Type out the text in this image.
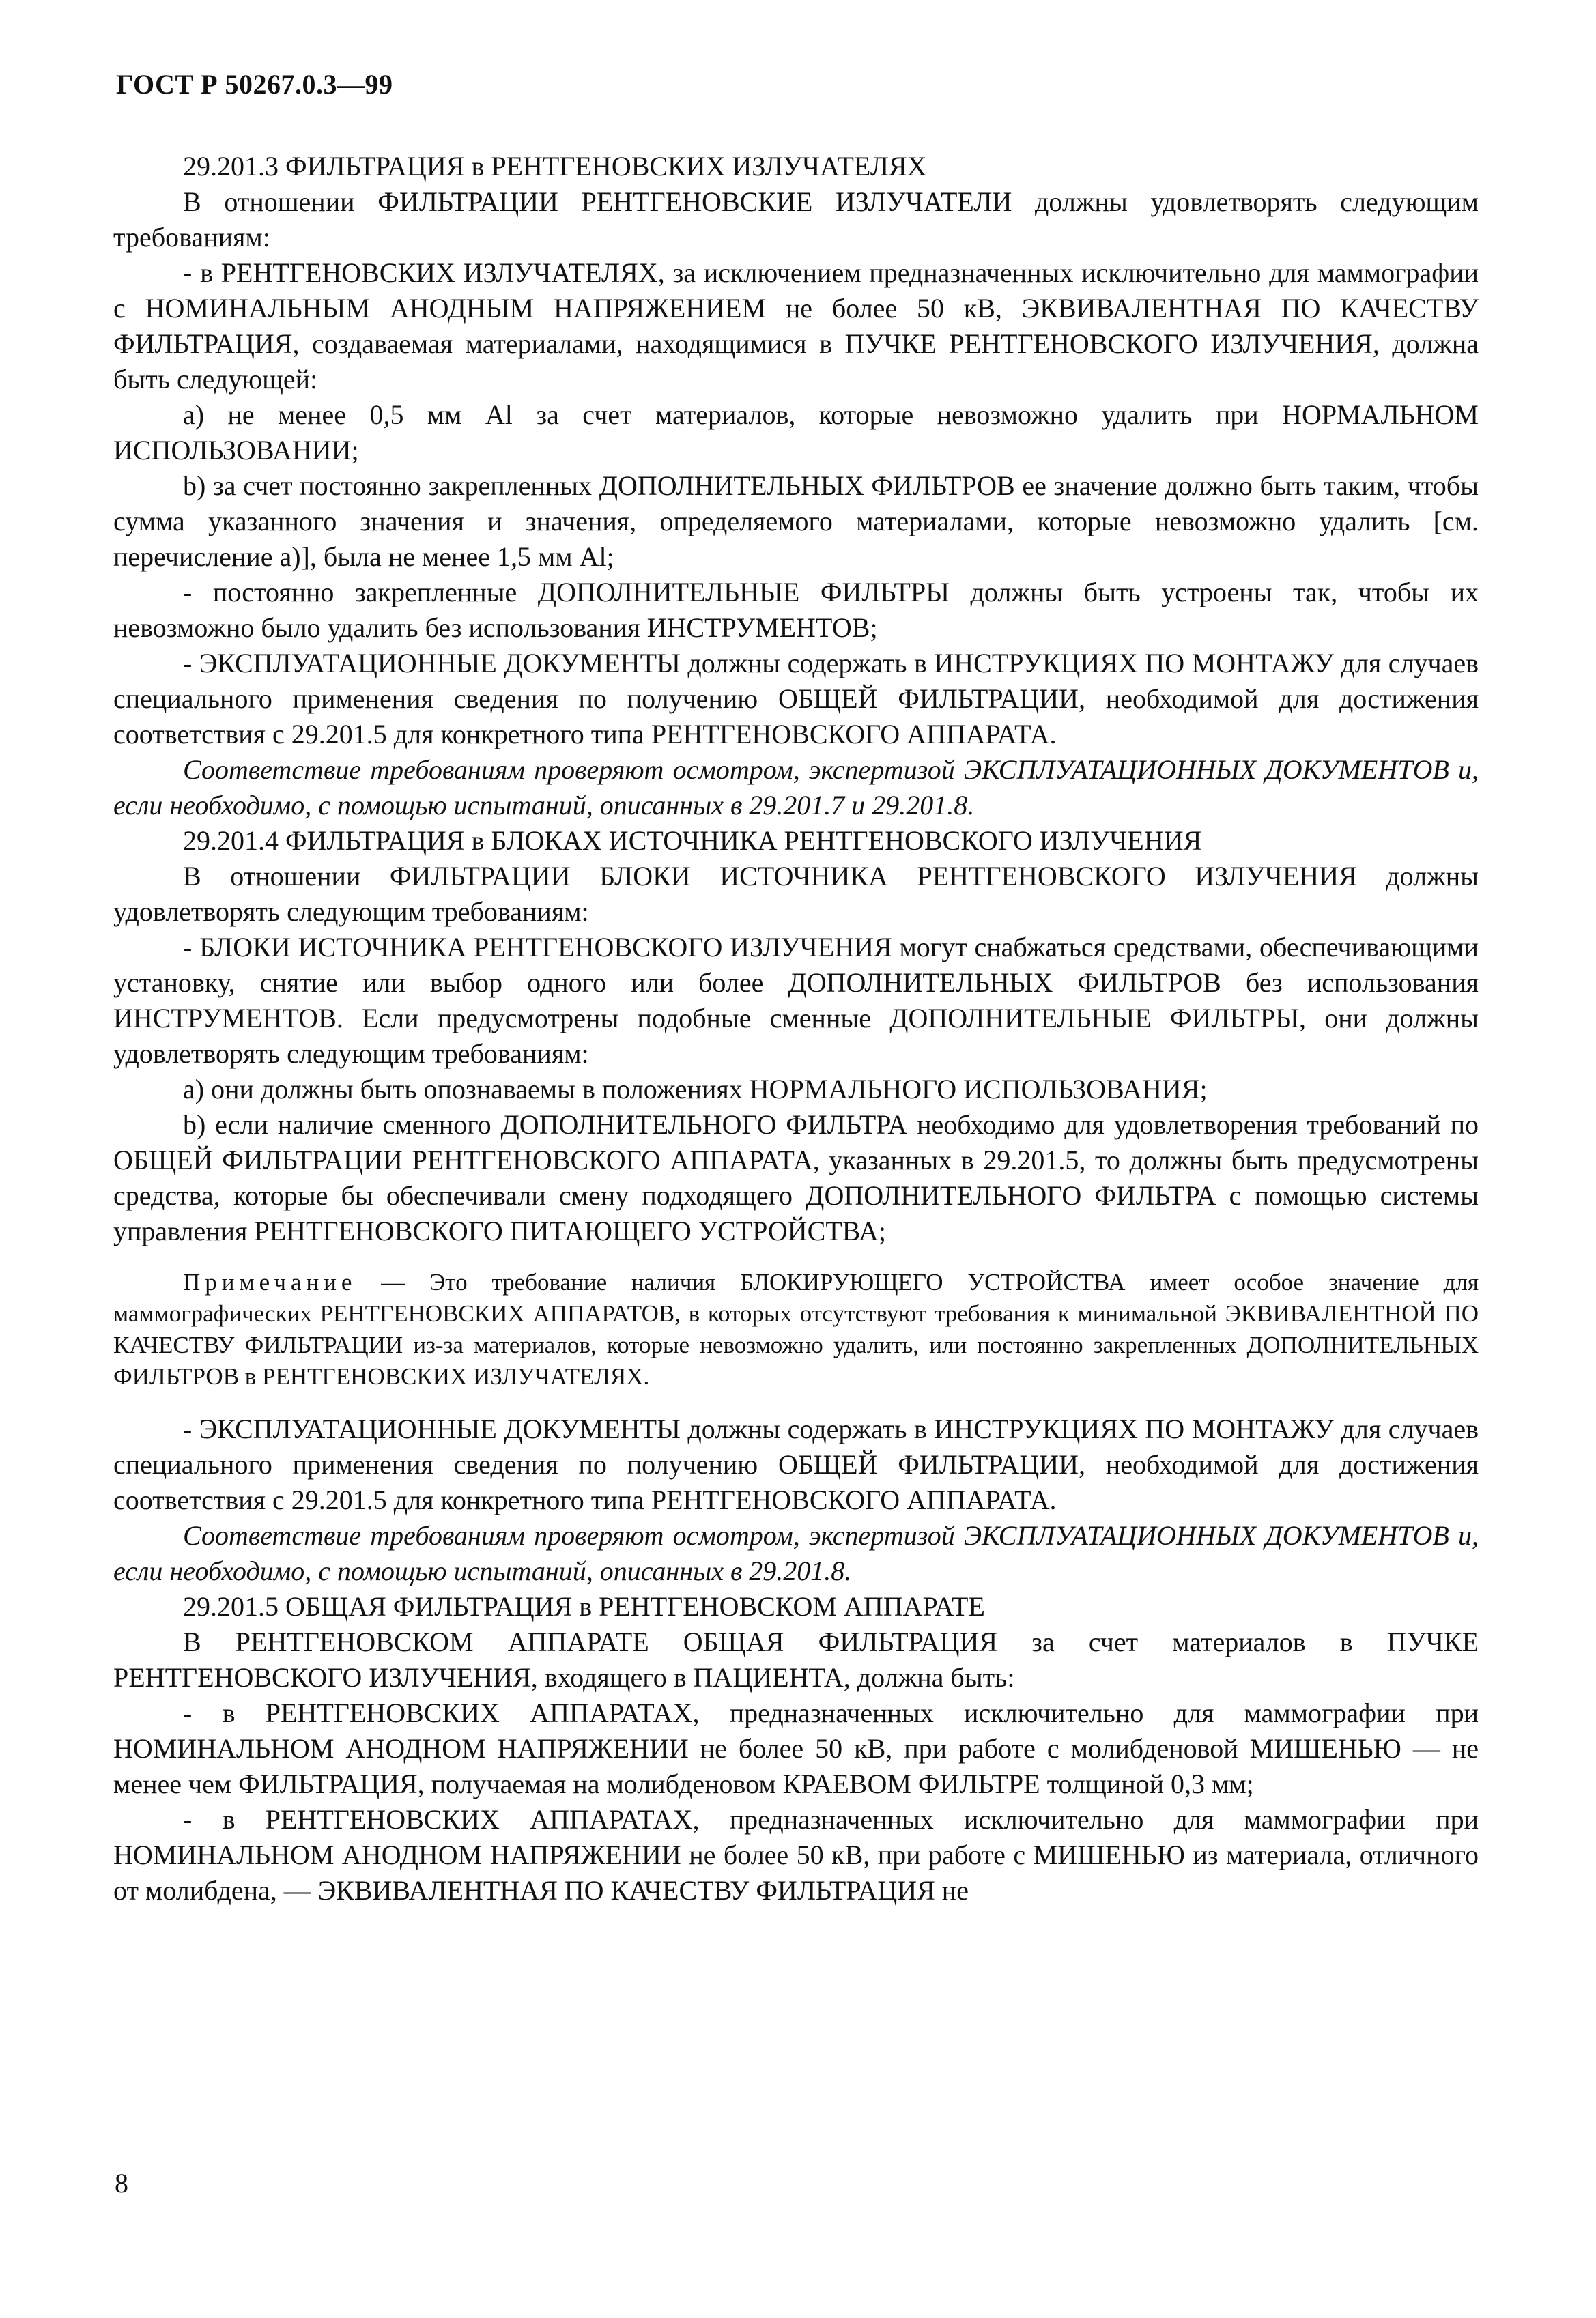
ГОСТ Р 50267.0.3—99

29.201.3 ФИЛЬТРАЦИЯ в РЕНТГЕНОВСКИХ ИЗЛУЧАТЕЛЯХ

В отношении ФИЛЬТРАЦИИ РЕНТГЕНОВСКИЕ ИЗЛУЧАТЕЛИ должны удовлетворять следующим требованиям:

- в РЕНТГЕНОВСКИХ ИЗЛУЧАТЕЛЯХ, за исключением предназначенных исключительно для маммографии с НОМИНАЛЬНЫМ АНОДНЫМ НАПРЯЖЕНИЕМ не более 50 кВ, ЭКВИВАЛЕНТНАЯ ПО КАЧЕСТВУ ФИЛЬТРАЦИЯ, создаваемая материалами, находящимися в ПУЧКЕ РЕНТГЕНОВСКОГО ИЗЛУЧЕНИЯ, должна быть следующей:

а) не менее 0,5 мм Al за счет материалов, которые невозможно удалить при НОРМАЛЬНОМ ИСПОЛЬЗОВАНИИ;

b) за счет постоянно закрепленных ДОПОЛНИТЕЛЬНЫХ ФИЛЬТРОВ ее значение должно быть таким, чтобы сумма указанного значения и значения, определяемого материалами, которые невозможно удалить [см. перечисление а)], была не менее 1,5 мм Al;

- постоянно закрепленные ДОПОЛНИТЕЛЬНЫЕ ФИЛЬТРЫ должны быть устроены так, чтобы их невозможно было удалить без использования ИНСТРУМЕНТОВ;

- ЭКСПЛУАТАЦИОННЫЕ ДОКУМЕНТЫ должны содержать в ИНСТРУКЦИЯХ ПО МОНТАЖУ для случаев специального применения сведения по получению ОБЩЕЙ ФИЛЬТРАЦИИ, необходимой для достижения соответствия с 29.201.5 для конкретного типа РЕНТГЕНОВСКОГО АППАРАТА.

Соответствие требованиям проверяют осмотром, экспертизой ЭКСПЛУАТАЦИОННЫХ ДОКУМЕНТОВ и, если необходимо, с помощью испытаний, описанных в 29.201.7 и 29.201.8.

29.201.4 ФИЛЬТРАЦИЯ в БЛОКАХ ИСТОЧНИКА РЕНТГЕНОВСКОГО ИЗЛУЧЕНИЯ

В отношении ФИЛЬТРАЦИИ БЛОКИ ИСТОЧНИКА РЕНТГЕНОВСКОГО ИЗЛУЧЕНИЯ должны удовлетворять следующим требованиям:

- БЛОКИ ИСТОЧНИКА РЕНТГЕНОВСКОГО ИЗЛУЧЕНИЯ могут снабжаться средствами, обеспечивающими установку, снятие или выбор одного или более ДОПОЛНИТЕЛЬНЫХ ФИЛЬТРОВ без использования ИНСТРУМЕНТОВ. Если предусмотрены подобные сменные ДОПОЛНИТЕЛЬНЫЕ ФИЛЬТРЫ, они должны удовлетворять следующим требованиям:

а) они должны быть опознаваемы в положениях НОРМАЛЬНОГО ИСПОЛЬЗОВАНИЯ;

b) если наличие сменного ДОПОЛНИТЕЛЬНОГО ФИЛЬТРА необходимо для удовлетворения требований по ОБЩЕЙ ФИЛЬТРАЦИИ РЕНТГЕНОВСКОГО АППАРАТА, указанных в 29.201.5, то должны быть предусмотрены средства, которые бы обеспечивали смену подходящего ДОПОЛНИТЕЛЬНОГО ФИЛЬТРА с помощью системы управления РЕНТГЕНОВСКОГО ПИТАЮЩЕГО УСТРОЙСТВА;

Примечание — Это требование наличия БЛОКИРУЮЩЕГО УСТРОЙСТВА имеет особое значение для маммографических РЕНТГЕНОВСКИХ АППАРАТОВ, в которых отсутствуют требования к минимальной ЭКВИВАЛЕНТНОЙ ПО КАЧЕСТВУ ФИЛЬТРАЦИИ из-за материалов, которые невозможно удалить, или постоянно закрепленных ДОПОЛНИТЕЛЬНЫХ ФИЛЬТРОВ в РЕНТГЕНОВСКИХ ИЗЛУЧАТЕЛЯХ.

- ЭКСПЛУАТАЦИОННЫЕ ДОКУМЕНТЫ должны содержать в ИНСТРУКЦИЯХ ПО МОНТАЖУ для случаев специального применения сведения по получению ОБЩЕЙ ФИЛЬТРАЦИИ, необходимой для достижения соответствия с 29.201.5 для конкретного типа РЕНТГЕНОВСКОГО АППАРАТА.

Соответствие требованиям проверяют осмотром, экспертизой ЭКСПЛУАТАЦИОННЫХ ДОКУМЕНТОВ и, если необходимо, с помощью испытаний, описанных в 29.201.8.

29.201.5 ОБЩАЯ ФИЛЬТРАЦИЯ в РЕНТГЕНОВСКОМ АППАРАТЕ

В РЕНТГЕНОВСКОМ АППАРАТЕ ОБЩАЯ ФИЛЬТРАЦИЯ за счет материалов в ПУЧКЕ РЕНТГЕНОВСКОГО ИЗЛУЧЕНИЯ, входящего в ПАЦИЕНТА, должна быть:

- в РЕНТГЕНОВСКИХ АППАРАТАХ, предназначенных исключительно для маммографии при НОМИНАЛЬНОМ АНОДНОМ НАПРЯЖЕНИИ не более 50 кВ, при работе с молибденовой МИШЕНЬЮ — не менее чем ФИЛЬТРАЦИЯ, получаемая на молибденовом КРАЕВОМ ФИЛЬТРЕ толщиной 0,3 мм;

- в РЕНТГЕНОВСКИХ АППАРАТАХ, предназначенных исключительно для маммографии при НОМИНАЛЬНОМ АНОДНОМ НАПРЯЖЕНИИ не более 50 кВ, при работе с МИШЕНЬЮ из материала, отличного от молибдена, — ЭКВИВАЛЕНТНАЯ ПО КАЧЕСТВУ ФИЛЬТРАЦИЯ не

8
